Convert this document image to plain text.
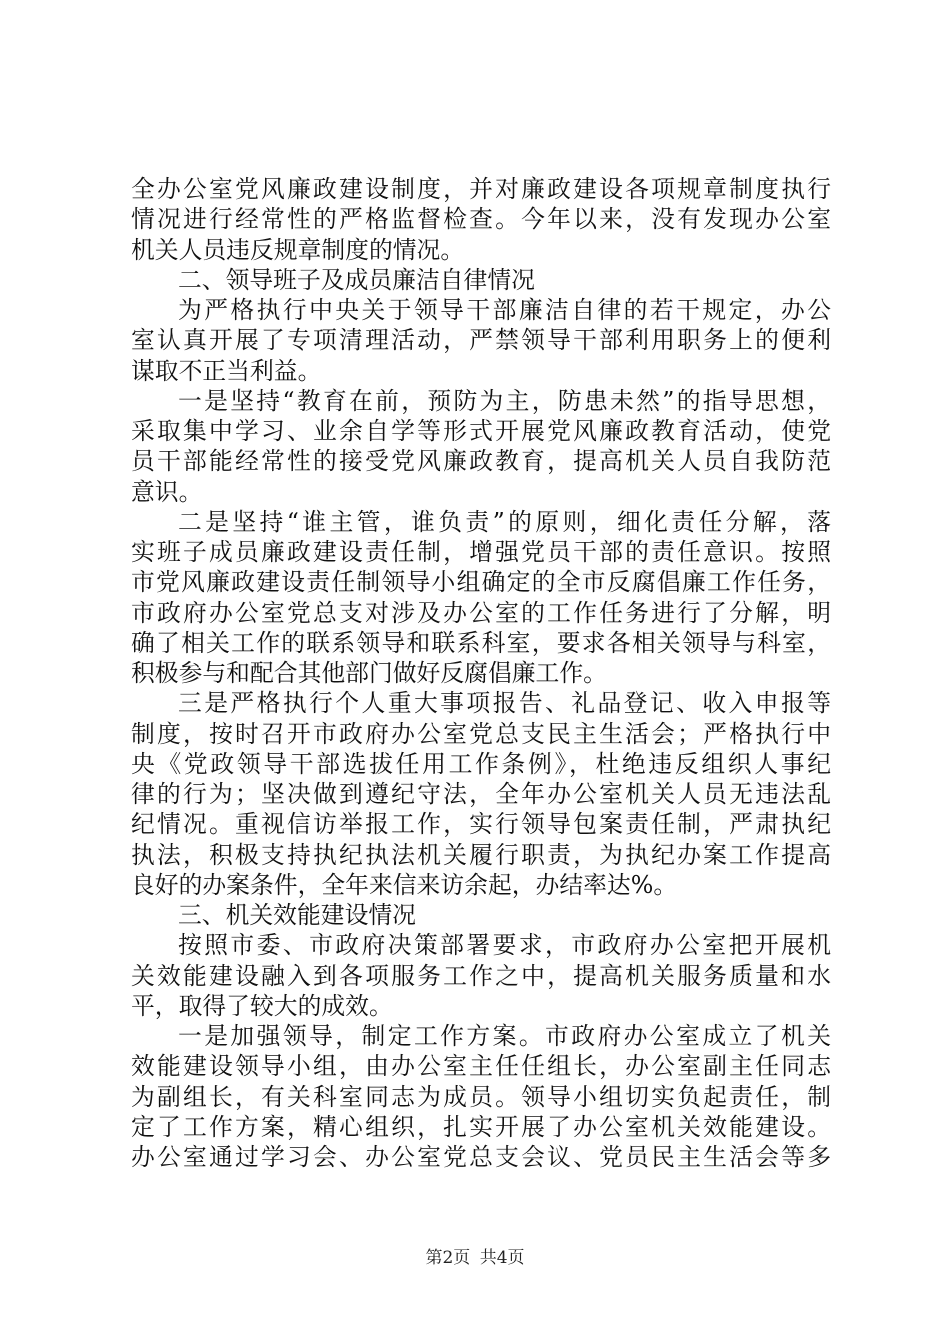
全办公室党风廉政建设制度，并对廉政建设各项规章制度执行
情况进行经常性的严格监督检查。今年以来，没有发现办公室
机关人员违反规章制度的情况。
二、领导班子及成员廉洁自律情况
为严格执行中央关于领导干部廉洁自律的若干规定，办公
室认真开展了专项清理活动，严禁领导干部利用职务上的便利
谋取不正当利益。
一是坚持“教育在前，预防为主，防患未然”的指导思想，
采取集中学习、业余自学等形式开展党风廉政教育活动，使党
员干部能经常性的接受党风廉政教育，提高机关人员自我防范
意识。
二是坚持“谁主管，谁负责”的原则，细化责任分解，落
实班子成员廉政建设责任制，增强党员干部的责任意识。按照
市党风廉政建设责任制领导小组确定的全市反腐倡廉工作任务，
市政府办公室党总支对涉及办公室的工作任务进行了分解，明
确了相关工作的联系领导和联系科室，要求各相关领导与科室，
积极参与和配合其他部门做好反腐倡廉工作。
三是严格执行个人重大事项报告、礼品登记、收入申报等
制度，按时召开市政府办公室党总支民主生活会；严格执行中
央《党政领导干部选拔任用工作条例》，杜绝违反组织人事纪
律的行为；坚决做到遵纪守法，全年办公室机关人员无违法乱
纪情况。重视信访举报工作，实行领导包案责任制，严肃执纪
执法，积极支持执纪执法机关履行职责，为执纪办案工作提高
良好的办案条件，全年来信来访余起，办结率达%。
三、机关效能建设情况
按照市委、市政府决策部署要求，市政府办公室把开展机
关效能建设融入到各项服务工作之中，提高机关服务质量和水
平，取得了较大的成效。
一是加强领导，制定工作方案。市政府办公室成立了机关
效能建设领导小组，由办公室主任任组长，办公室副主任同志
为副组长，有关科室同志为成员。领导小组切实负起责任，制
定了工作方案，精心组织，扎实开展了办公室机关效能建设。
办公室通过学习会、办公室党总支会议、党员民主生活会等多
第2页 共4页
